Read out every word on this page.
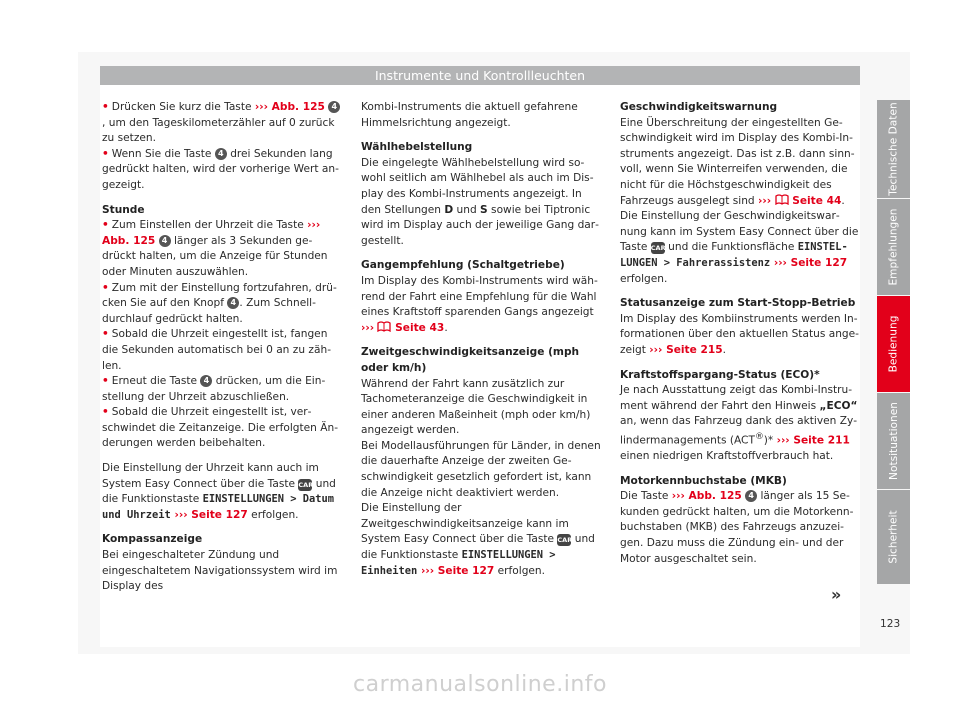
Instrumente und Kontrollleuchten

• Drücken Sie kurz die Taste ››› Abb. 125 4, um den Tageskilometerzähler auf 0 zurück zu setzen.

• Wenn Sie die Taste 4 drei Sekunden lang gedrückt halten, wird der vorherige Wert angezeigt.

Stunde

• Zum Einstellen der Uhrzeit die Taste ››› Abb. 125 4 länger als 3 Sekunden gedrückt halten, um die Anzeige für Stunden oder Minuten auszuwählen.

• Zum mit der Einstellung fortzufahren, drücken Sie auf den Knopf 4 . Zum Schnelldurchlauf gedrückt halten.

• Sobald die Uhrzeit eingestellt ist, fangen die Sekunden automatisch bei 0 an zu zählen.

• Erneut die Taste 4 drücken, um die Einstellung der Uhrzeit abzuschließen.

• Sobald die Uhrzeit eingestellt ist, verschwindet die Zeitanzeige. Die erfolgten Änderungen werden beibehalten.

Die Einstellung der Uhrzeit kann auch im System Easy Connect über die Taste CAR und die Funktionstaste EINSTELLUNGEN > Datum und Uhrzeit ››› Seite 127 erfolgen.

Kompassanzeige

Bei eingeschalteter Zündung und eingeschaltetem Navigationssystem wird im Display des

Kombi-Instruments die aktuell gefahrene Himmelsrichtung angezeigt.

Wählhebelstellung

Die eingelegte Wählhebelstellung wird sowohl seitlich am Wählhebel als auch im Display des Kombi-Instruments angezeigt. In den Stellungen D und S sowie bei Tiptronic wird im Display auch der jeweilige Gang dargestellt.

Gangempfehlung (Schaltgetriebe)

Im Display des Kombi-Instruments wird während der Fahrt eine Empfehlung für die Wahl eines Kraftstoff sparenden Gangs angezeigt ›››  Seite 43.

Zweitgeschwindigkeitsanzeige (mph oder km/h)

Während der Fahrt kann zusätzlich zur Tachometeranzeige die Geschwindigkeit in einer anderen Maßeinheit (mph oder km/h) angezeigt werden.

Bei Modellausführungen für Länder, in denen die dauerhafte Anzeige der zweiten Geschwindigkeit gesetzlich gefordert ist, kann die Anzeige nicht deaktiviert werden.

Die Einstellung der Zweitgeschwindigkeitsanzeige kann im System Easy Connect über die Taste CAR und die Funktionstaste EINSTELLUNGEN > Einheiten ››› Seite 127 erfolgen.

Geschwindigkeitswarnung

Eine Überschreitung der eingestellten Geschwindigkeit wird im Display des Kombi-Instruments angezeigt. Das ist z.B. dann sinnvoll, wenn Sie Winterreifen verwenden, die nicht für die Höchstgeschwindigkeit des Fahrzeugs ausgelegt sind ›››  Seite 44.

Die Einstellung der Geschwindigkeitswarnung kann im System Easy Connect über die Taste CAR und die Funktionsfläche EINSTELLUNGEN > Fahrerassistenz ››› Seite 127 erfolgen.

Statusanzeige zum Start-Stopp-Betrieb

Im Display des Kombiinstruments werden Informationen über den aktuellen Status angezeigt ››› Seite 215.

Kraftstoffspargang-Status (ECO)*

Je nach Ausstattung zeigt das Kombi-Instrument während der Fahrt den Hinweis „ECO“ an, wenn das Fahrzeug dank des aktiven Zylindermanagements (ACT®)* ››› Seite 211 einen niedrigen Kraftstoffverbrauch hat.

Motorkennbuchstabe (MKB)

Die Taste ››› Abb. 125 4 länger als 15 Sekunden gedrückt halten, um die Motorkennbuchstaben (MKB) des Fahrzeugs anzuzeigen. Dazu muss die Zündung ein- und der Motor ausgeschaltet sein.

Technische Daten
Empfehlungen
Bedienung
Notsituationen
Sicherheit
»
123
carmanualsonline.info
